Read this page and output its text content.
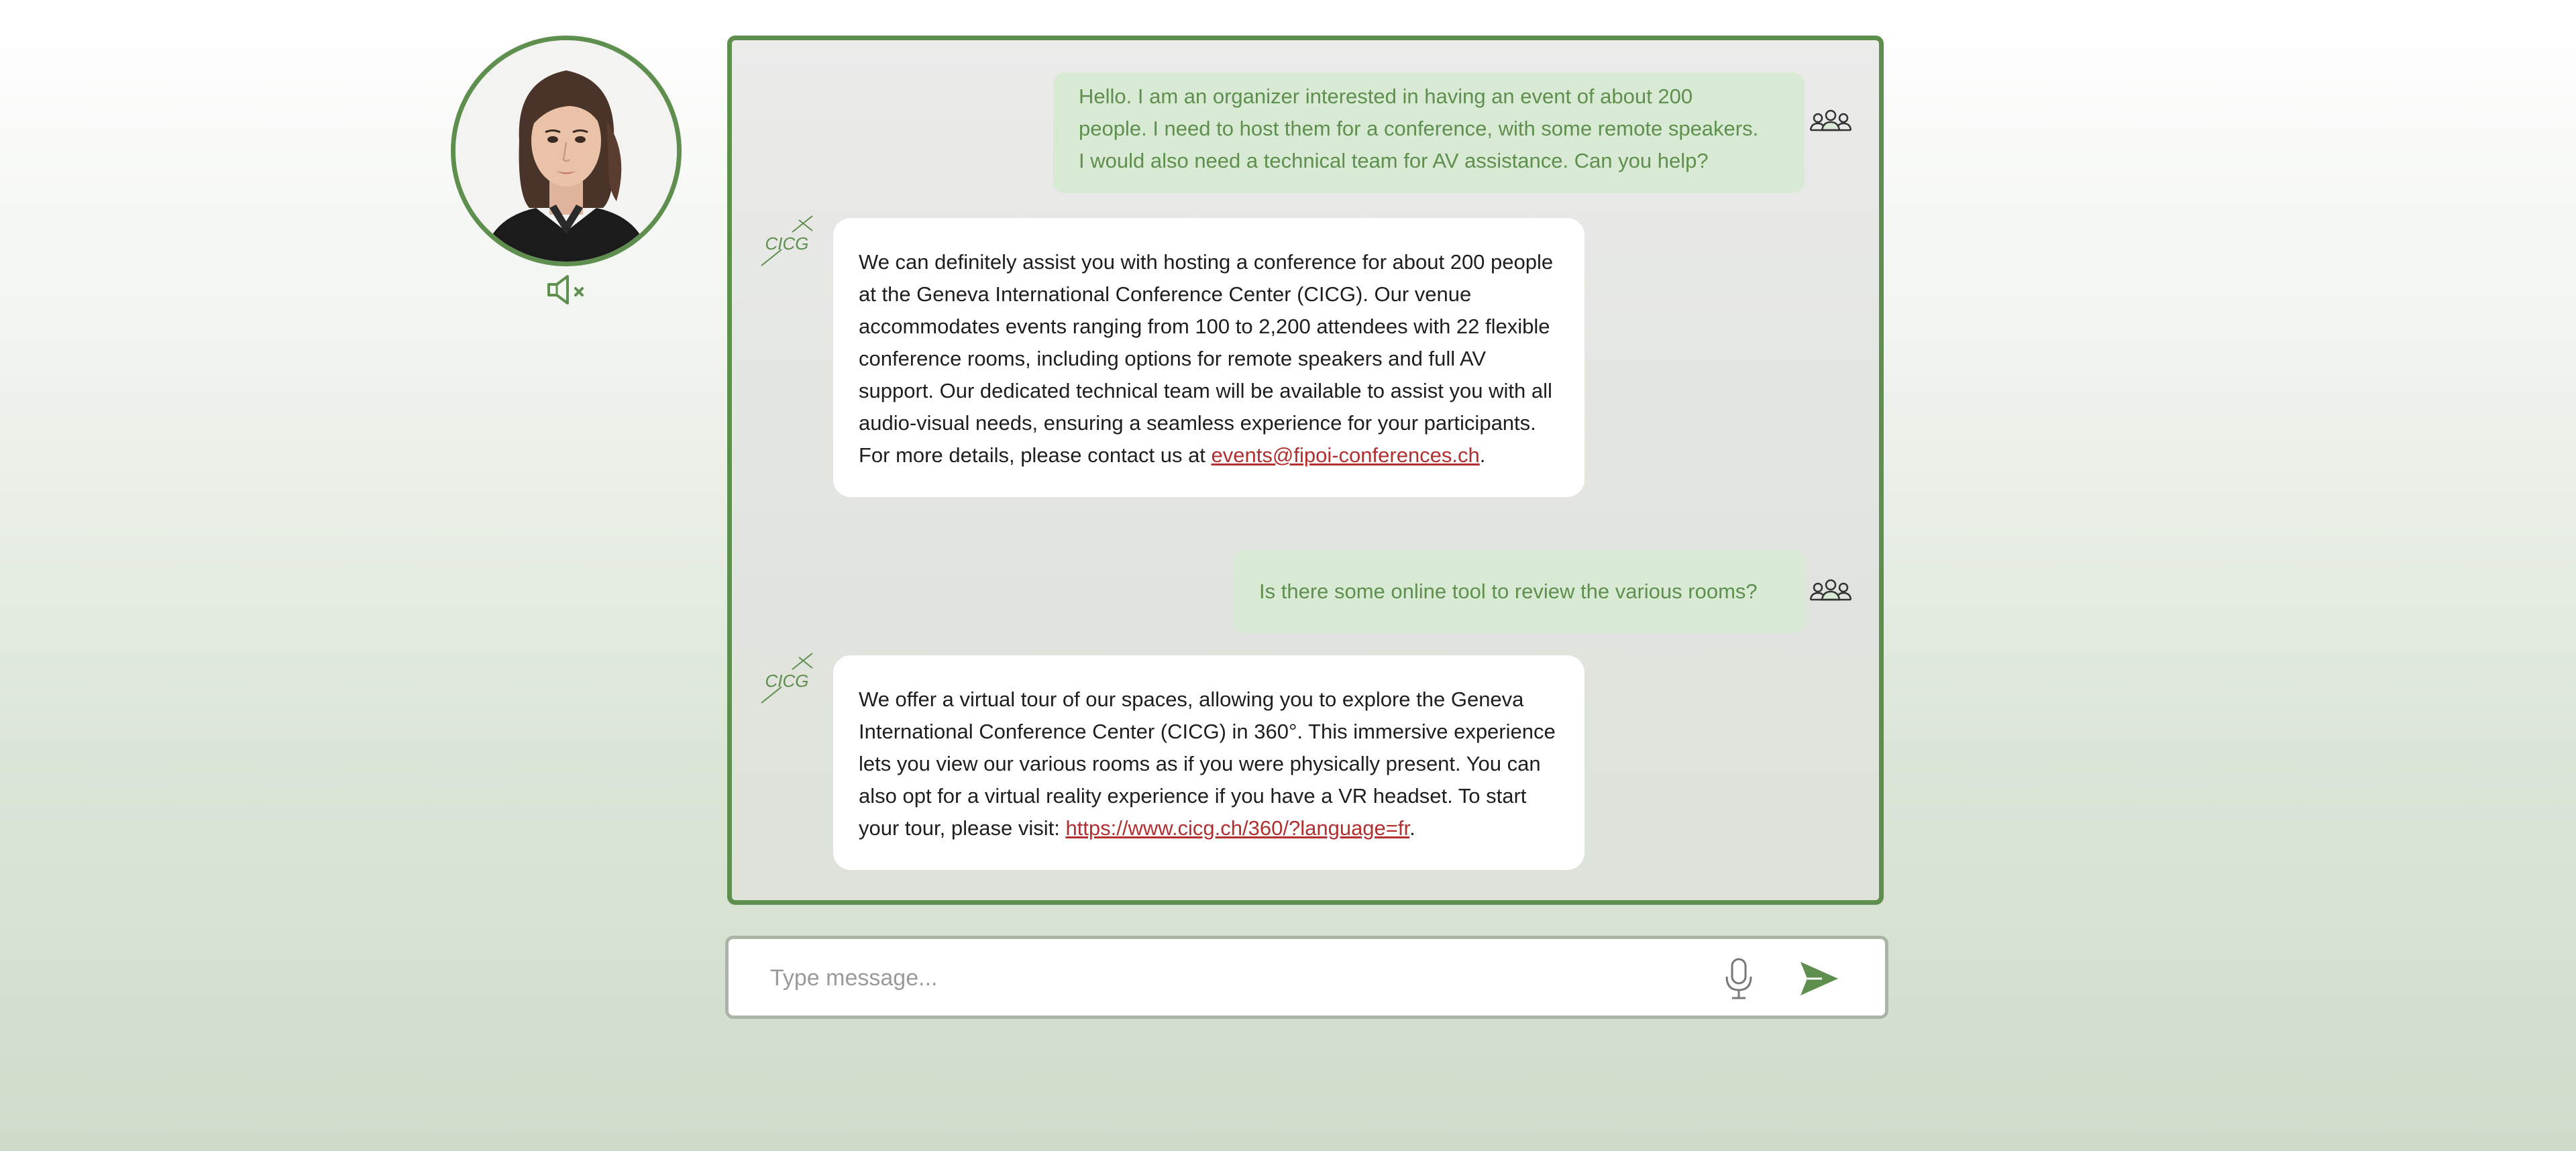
Hello. I am an organizer interested in having an event of about 200
people. I need to host them for a conference, with some remote speakers.
I would also need a technical team for AV assistance. Can you help?
CICG
We can definitely assist you with hosting a conference for about 200 people at the Geneva International Conference Center (CICG). Our venue accommodates events ranging from 100 to 2,200 attendees with 22 flexible conference rooms, including options for remote speakers and full AV support. Our dedicated technical team will be available to assist you with all audio-visual needs, ensuring a seamless experience for your participants. For more details, please contact us at events@fipoi-conferences.ch.
Is there some online tool to review the various rooms?
CICG
We offer a virtual tour of our spaces, allowing you to explore the Geneva International Conference Center (CICG) in 360°. This immersive experience lets you view our various rooms as if you were physically present. You can also opt for a virtual reality experience if you have a VR headset. To start your tour, please visit: https://www.cicg.ch/360/?language=fr.
Type message...
